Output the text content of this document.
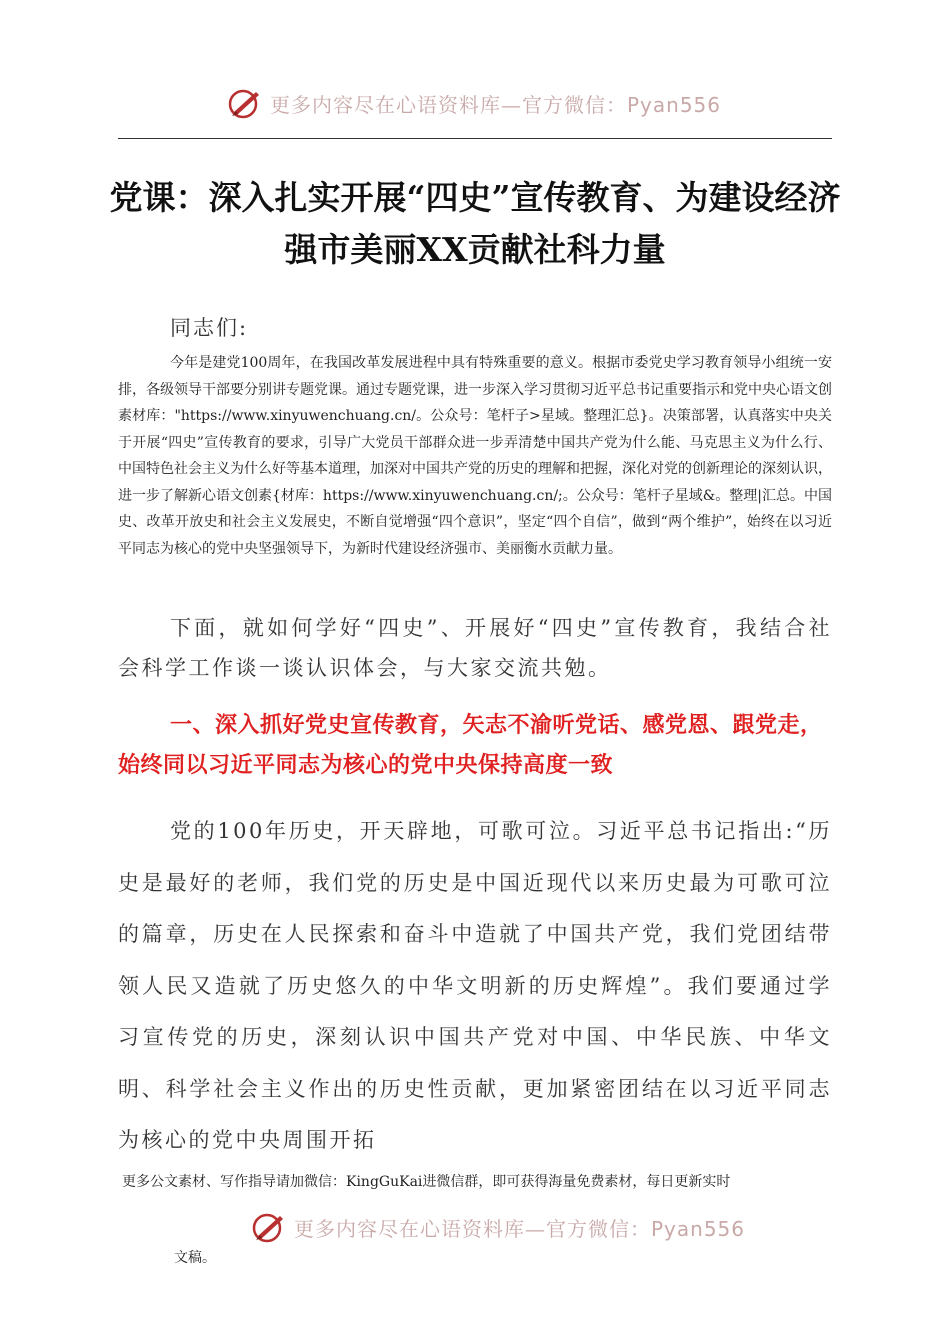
更多内容尽在心语资料库—官方微信：Pyan556
党课：深入扎实开展“四史”宣传教育、为建设经济强市美丽XX贡献社科力量
同志们:

今年是建党100周年，在我国改革发展进程中具有特殊重要的意义。根据市委党史学习教育领导小组统一安排，各级领导干部要分别讲专题党课。通过专题党课，进一步深入学习贯彻习近平总书记重要指示和党中央心语文创素材库："https://www.xinyuwenchuang.cn/。公众号：笔杆子>星域。整理汇总}。决策部署，认真落实中央关于开展“四史”宣传教育的要求，引导广大党员干部群众进一步弄清楚中国共产党为什么能、马克思主义为什么行、中国特色社会主义为什么好等基本道理，加深对中国共产党的历史的理解和把握，深化对党的创新理论的深刻认识，进一步了解新心语文创素{材库：https://www.xinyuwenchuang.cn/;。公众号：笔杆子星域&。整理|汇总。中国史、改革开放史和社会主义发展史，不断自觉增强“四个意识”，坚定“四个自信”，做到“两个维护”，始终在以习近平同志为核心的党中央坚强领导下，为新时代建设经济强市、美丽衡水贡献力量。

下面，就如何学好“四史”、开展好“四史”宣传教育，我结合社会科学工作谈一谈认识体会，与大家交流共勉。

一、深入抓好党史宣传教育，矢志不渝听党话、感党恩、跟党走，始终同以习近平同志为核心的党中央保持高度一致

党的100年历史，开天辟地，可歌可泣。习近平总书记指出:“历史是最好的老师，我们党的历史是中国近现代以来历史最为可歌可泣的篇章，历史在人民探索和奋斗中造就了中国共产党，我们党团结带领人民又造就了历史悠久的中华文明新的历史辉煌”。我们要通过学习宣传党的历史，深刻认识中国共产党对中国、中华民族、中华文明、科学社会主义作出的历史性贡献，更加紧密团结在以习近平同志为核心的党中央周围开拓

更多公文素材、写作指导请加微信：KingGuKai进微信群，即可获得海量免费素材，每日更新实时

更多内容尽在心语资料库—官方微信：Pyan556
文稿。
